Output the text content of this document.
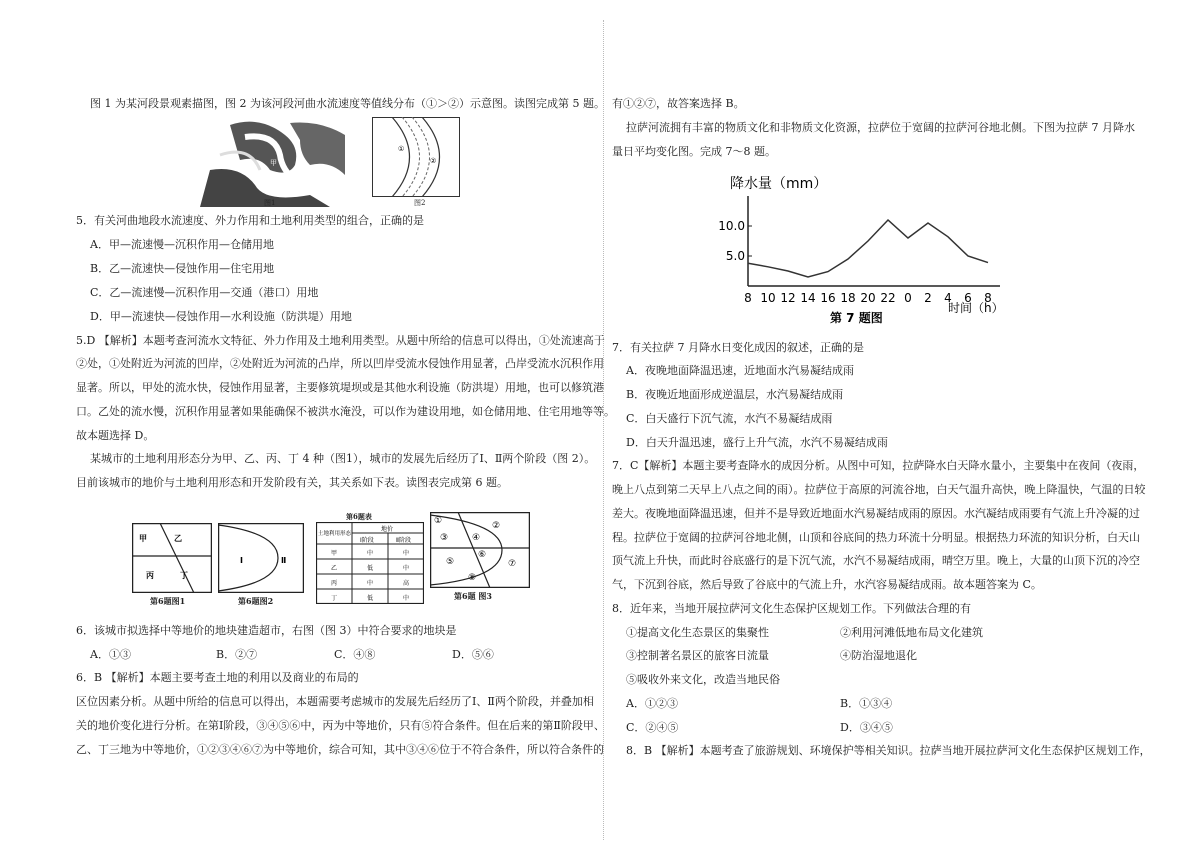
图 1 为某河段景观素描图，图 2 为该河段河曲水流速度等值线分布（①＞②）示意图。读图完成第 5 题。
甲
乙
图1
①
②
图2
5．有关河曲地段水流速度、外力作用和土地利用类型的组合，正确的是
A．甲—流速慢—沉积作用—仓储用地
B．乙—流速快—侵蚀作用—住宅用地
C．乙—流速慢—沉积作用—交通（港口）用地
D．甲—流速快—侵蚀作用—水利设施（防洪堤）用地
5.D 【解析】本题考查河流水文特征、外力作用及土地利用类型。从题中所给的信息可以得出，①处流速高于
②处，①处附近为河流的凹岸，②处附近为河流的凸岸，所以凹岸受流水侵蚀作用显著，凸岸受流水沉积作用
显著。所以，甲处的流水快，侵蚀作用显著，主要修筑堤坝或是其他水利设施（防洪堤）用地，也可以修筑港
口。乙处的流水慢，沉积作用显著如果能确保不被洪水淹没，可以作为建设用地，如仓储用地、住宅用地等等。
故本题选择 D。
某城市的土地利用形态分为甲、乙、丙、丁 4 种（图1），城市的发展先后经历了Ⅰ、Ⅱ两个阶段（图 2）。
目前该城市的地价与土地利用形态和开发阶段有关，其关系如下表。读图表完成第 6 题。
甲	乙
丙	丁
第6题图1
Ⅰ	Ⅱ
第6题图2
第6题表
土地利用形态
地价
Ⅰ阶段	Ⅱ阶段
甲	中	中
乙	低	中
丙	中	高
丁	低	中
①	②
③	④
⑤
⑥
⑦
⑧
第6题 图3
6．该城市拟选择中等地价的地块建造超市，右图（图 3）中符合要求的地块是
A．①③	B．②⑦	C．④⑧	D．⑤⑥
6．B 【解析】本题主要考查土地的利用以及商业的布局的
区位因素分析。从题中所给的信息可以得出，本题需要考虑城市的发展先后经历了Ⅰ、Ⅱ两个阶段，并叠加相
关的地价变化进行分析。在第Ⅰ阶段，③④⑤⑥中，丙为中等地价，只有⑤符合条件。但在后来的第Ⅱ阶段甲、
乙、丁三地为中等地价，①②③④⑥⑦为中等地价，综合可知，其中③④⑥位于不符合条件，所以符合条件的
有①②⑦，故答案选择 B。
拉萨河流拥有丰富的物质文化和非物质文化资源，拉萨位于宽阔的拉萨河谷地北侧。下图为拉萨 7 月降水
量日平均变化图。完成 7～8 题。
降水量（mm）
5.0
10.0
8 10 12 14 16 18 20 22 0 2 4 6 8
时间（h）
第 7 题图
7．有关拉萨 7 月降水日变化成因的叙述，正确的是
A．夜晚地面降温迅速，近地面水汽易凝结成雨
B．夜晚近地面形成逆温层，水汽易凝结成雨
C．白天盛行下沉气流，水汽不易凝结成雨
D．白天升温迅速，盛行上升气流，水汽不易凝结成雨
7．C【解析】本题主要考查降水的成因分析。从图中可知，拉萨降水白天降水量小，主要集中在夜间（夜雨，
晚上八点到第二天早上八点之间的雨）。拉萨位于高原的河流谷地，白天气温升高快，晚上降温快，气温的日较
差大。夜晚地面降温迅速，但并不是导致近地面水汽易凝结成雨的原因。水汽凝结成雨要有气流上升冷凝的过
程。拉萨位于宽阔的拉萨河谷地北侧，山顶和谷底间的热力环流十分明显。根据热力环流的知识分析，白天山
顶气流上升快，而此时谷底盛行的是下沉气流，水汽不易凝结成雨，晴空万里。晚上，大量的山顶下沉的冷空
气，下沉到谷底，然后导致了谷底中的气流上升，水汽容易凝结成雨。故本题答案为 C。
8．近年来，当地开展拉萨河文化生态保护区规划工作。下列做法合理的有
①提高文化生态景区的集聚性	②利用河滩低地布局文化建筑
③控制著名景区的旅客日流量	④防治湿地退化
⑤吸收外来文化，改造当地民俗
A．①②③	B．①③④
C．②④⑤	D．③④⑤
8．B 【解析】本题考查了旅游规划、环境保护等相关知识。拉萨当地开展拉萨河文化生态保护区规划工作，
